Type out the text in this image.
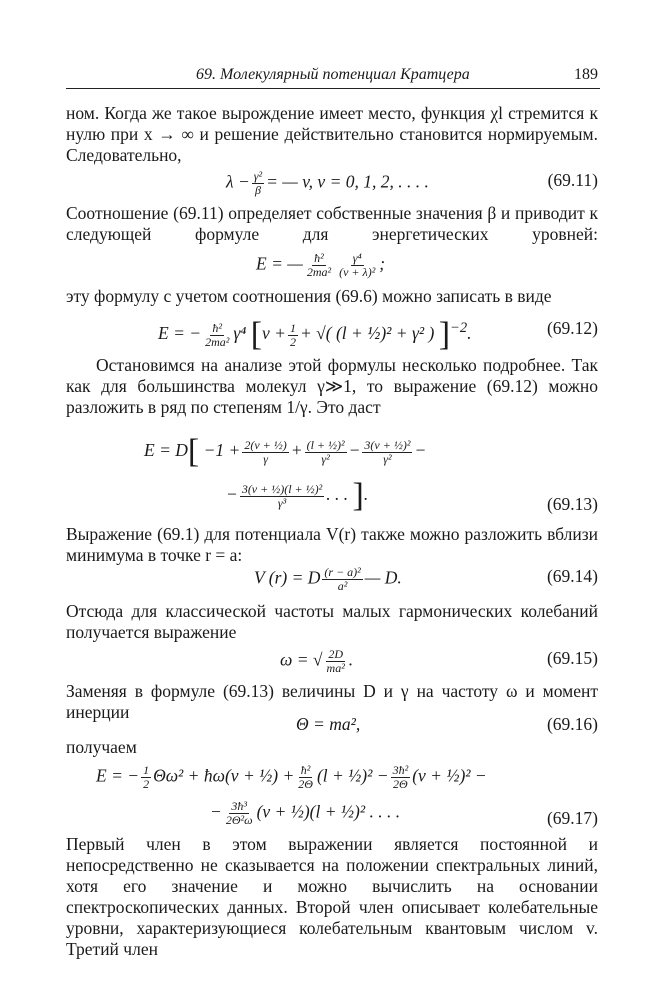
69. Молекулярный потенциал Кратцера	189
ном. Когда же такое вырождение имеет место, функция χl стремится к нулю при x → ∞ и решение действительно становится нормируемым. Следовательно,
$\lambda - \frac{\text{γ²}}{\beta}$ = — v, v = 0, 1, 2, . . . .	(69.11)
Соотношение (69.11) определяет собственные значения β и приводит к следующей формуле для энергетических уровней:
E = — $\frac{\text{ħ²}}{\text{2ma²}} \frac{\text{γ⁴}}{\text{(v + λ)²}}$ ;
эту формулу с учетом соотношения (69.6) можно записать в виде
E = − $\frac{\text{ħ²}}{\text{2ma²}} \gamma^4$ [$v + \frac{1}{2}$ + √( (l + ½)² + γ² ) ]$^{-2}$.	(69.12)
Остановимся на анализе этой формулы несколько подробнее. Так как для большинства молекул γ≫1, то выражение (69.12) можно разложить в ряд по степеням 1/γ. Это даст
$E = D[ -1 + \frac{\text{2(v + ½)}}{\gamma} + \frac{\text{(l + ½)²}}{\text{γ²}} - \frac{\text{3(v + ½)²}}{\text{γ²}}$ −
− $\frac{\text{3(v + ½)(l + ½)²}}{\text{γ³}}$ . . . ].	(69.13)
Выражение (69.1) для потенциала V(r) также можно разложить вблизи минимума в точке r = a:
V (r) = D $\frac{\text{(r − a)²}}{\text{a²}}$ — D.	(69.14)
Отсюда для классической частоты малых гармонических колебаний получается выражение
ω = √ $\frac{2D}{\text{ma²}}$ .	(69.15)
Заменяя в формуле (69.13) величины D и γ на частоту ω и момент инерции
Θ = ma²,	(69.16)
получаем
E = − $\frac{1}{2} \Theta\omega^2$ + ħω(v + ½) + $\frac{\text{ħ²}}{2\Theta} (l$ + ½)² − $\frac{\text{3ħ²}}{2\Theta} (v$ + ½)² −
− $\frac{\text{3ħ³}}{\text{2Θ²ω}} (v$ + ½)(l + ½)² . . . .	(69.17)
Первый член в этом выражении является постоянной и непосредственно не сказывается на положении спектральных линий, хотя его значение и можно вычислить на основании спектроскопических данных. Второй член описывает колебательные уровни, характеризующиеся колебательным квантовым числом v. Третий член
